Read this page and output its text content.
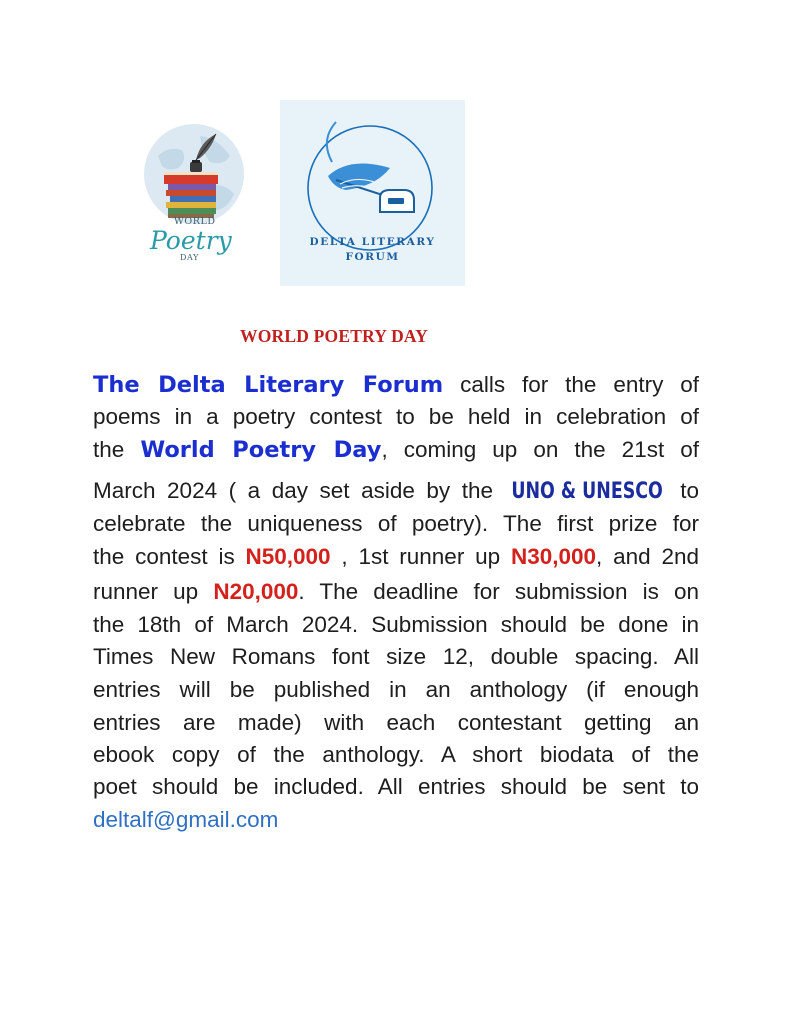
WORLD
Poetry
DAY
DELTA LITERARY
FORUM
WORLD POETRY DAY
The Delta Literary Forum calls for the entry of
poems in a poetry contest to be held in celebration of
the World Poetry Day, coming up on the 21st of
March 2024 ( a day set aside by the UNO & UNESCO to
celebrate the uniqueness of poetry). The first prize for
the contest is N50,000 , 1st runner up N30,000, and 2nd
runner up N20,000. The deadline for submission is on
the 18th of March 2024. Submission should be done in
Times New Romans font size 12, double spacing. All
entries will be published in an anthology (if enough
entries are made) with each contestant getting an
ebook copy of the anthology. A short biodata of the
poet should be included. All entries should be sent to
deltalf@gmail.com
